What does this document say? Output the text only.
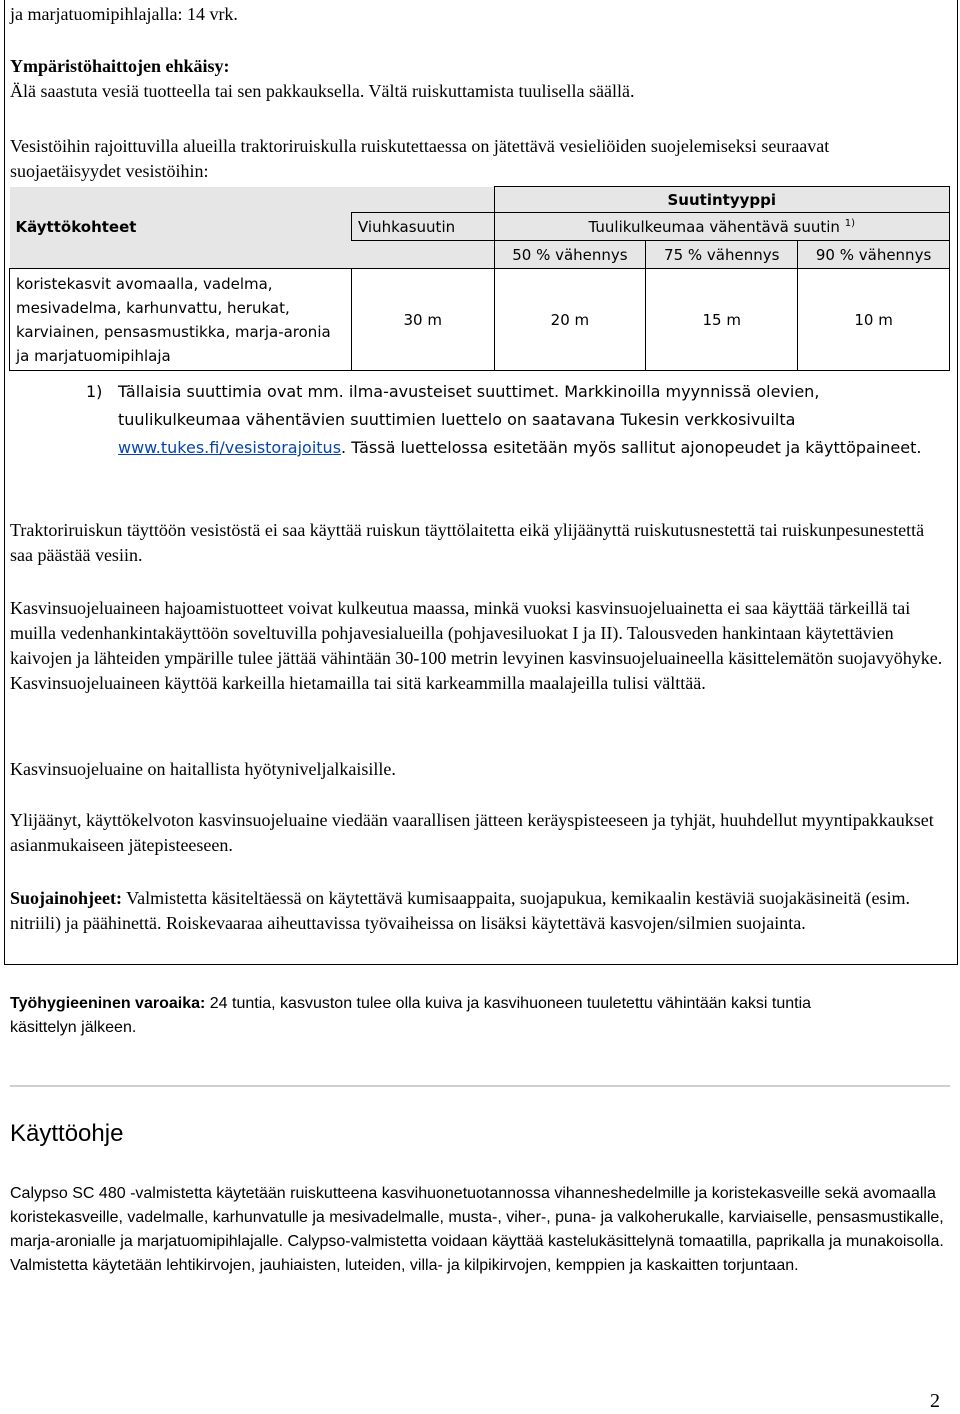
ja marjatuomipihlajalla: 14 vrk.

Ympäristöhaittojen ehkäisy:

Älä saastuta vesiä tuotteella tai sen pakkauksella. Vältä ruiskuttamista tuulisella säällä.

Vesistöihin rajoittuvilla alueilla traktoriruiskulla ruiskutettaessa on jätettävä vesieliöiden suojelemiseksi seuraavat suojaetäisyydet vesistöihin:
		Suutintyyppi		
Käyttökohteet	Viuhkasuutin	Tuulikulkeumaa vähentävä suutin $^{1)}$
		50 % vähennys	75 % vähennys	90 % vähennys
koristekasvit avomaalla, vadelma, mesivadelma, karhunvattu, herukat, karviainen, pensasmustikka, marja-aronia ja marjatuomipihlaja	30 m	20 m	15 m	10 m
1) Tällaisia suuttimia ovat mm. ilma-avusteiset suuttimet. Markkinoilla myynnissä olevien, tuulikulkeumaa vähentävien suuttimien luettelo on saatavana Tukesin verkkosivuilta www.tukes.fi/vesistorajoitus. Tässä luettelossa esitetään myös sallitut ajonopeudet ja käyttöpaineet.

Traktoriruiskun täyttöön vesistöstä ei saa käyttää ruiskun täyttölaitetta eikä ylijäänyttä ruiskutusnestettä tai ruiskunpesunestettä saa päästää vesiin.
Kasvinsuojeluaineen hajoamistuotteet voivat kulkeutua maassa, minkä vuoksi kasvinsuojeluainetta ei saa käyttää tärkeillä tai muilla vedenhankintakäyttöön soveltuvilla pohjavesialueilla (pohjavesiluokat I ja II). Talousveden hankintaan käytettävien kaivojen ja lähteiden ympärille tulee jättää vähintään 30-100 metrin levyinen kasvinsuojeluaineella käsittelemätön suojavyöhyke. Kasvinsuojeluaineen käyttöä karkeilla hietamailla tai sitä karkeammilla maalajeilla tulisi välttää.
Kasvinsuojeluaine on haitallista hyötyniveljalkaisille.
Ylijäänyt, käyttökelvoton kasvinsuojeluaine viedään vaarallisen jätteen keräyspisteeseen ja tyhjät, huuhdellut myyntipakkaukset asianmukaiseen jätepisteeseen.
Suojainohjeet: Valmistetta käsiteltäessä on käytettävä kumisaappaita, suojapukua, kemikaalin kestäviä suojakäsineitä (esim. nitriili) ja päähinettä. Roiskevaaraa aiheuttavissa työvaiheissa on lisäksi käytettävä kasvojen/silmien suojainta.
Työhygieeninen varoaika: 24 tuntia, kasvuston tulee olla kuiva ja kasvihuoneen tuuletettu vähintään kaksi tuntia käsittelyn jälkeen.
Käyttöohje
Calypso SC 480 -valmistetta käytetään ruiskutteena kasvihuonetuotannossa vihanneshedelmille ja koristekasveille sekä avomaalla koristekasveille, vadelmalle, karhunvatulle ja mesivadelmalle, musta-, viher-, puna- ja valkoherukalle, karviaiselle, pensasmustikalle, marja-aronialle ja marjatuomipihlajalle. Calypso-valmistetta voidaan käyttää kastelukäsittelynä tomaatilla, paprikalla ja munakoisolla. Valmistetta käytetään lehtikirvojen, jauhiaisten, luteiden, villa- ja kilpikirvojen, kemppien ja kaskaitten torjuntaan.
2
